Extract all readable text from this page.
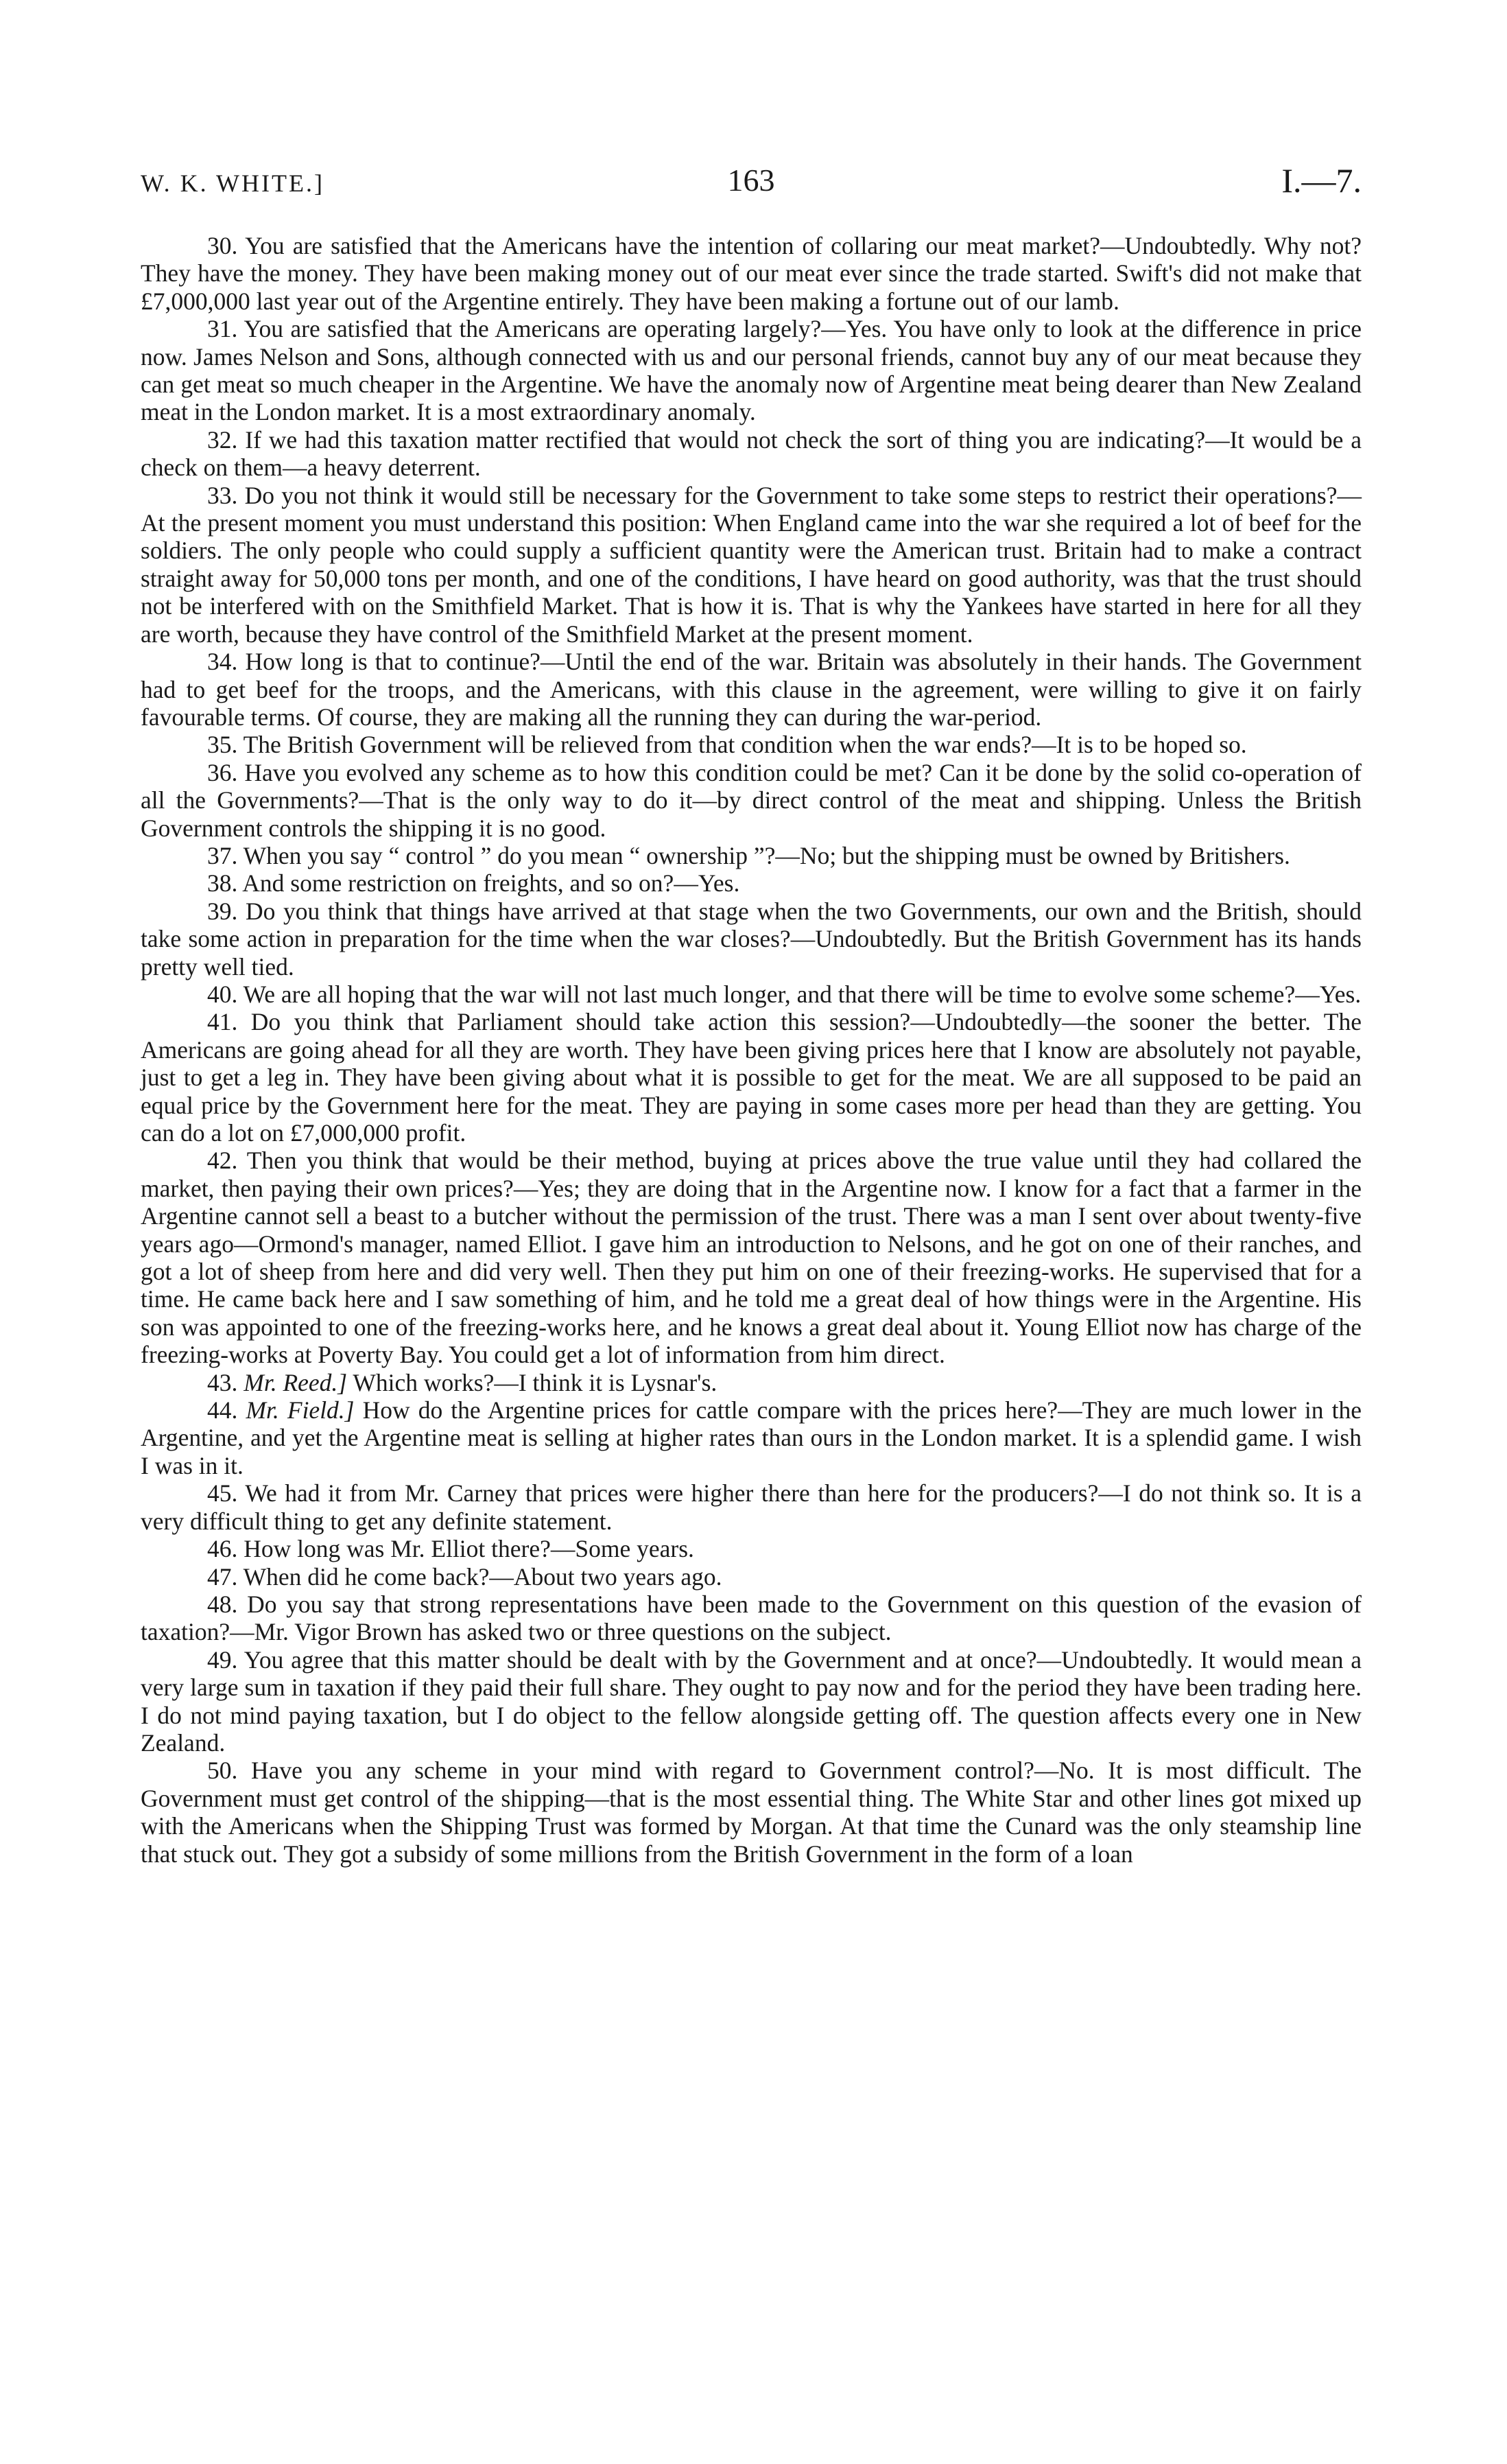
W. K. WHITE.]	163	I.—7.

30. You are satisfied that the Americans have the intention of collaring our meat market?—Undoubtedly. Why not? They have the money. They have been making money out of our meat ever since the trade started. Swift's did not make that £7,000,000 last year out of the Argentine entirely. They have been making a fortune out of our lamb.

31. You are satisfied that the Americans are operating largely?—Yes. You have only to look at the difference in price now. James Nelson and Sons, although connected with us and our personal friends, cannot buy any of our meat because they can get meat so much cheaper in the Argentine. We have the anomaly now of Argentine meat being dearer than New Zealand meat in the London market. It is a most extraordinary anomaly.

32. If we had this taxation matter rectified that would not check the sort of thing you are indicating?—It would be a check on them—a heavy deterrent.

33. Do you not think it would still be necessary for the Government to take some steps to restrict their operations?—At the present moment you must understand this position: When England came into the war she required a lot of beef for the soldiers. The only people who could supply a sufficient quantity were the American trust. Britain had to make a contract straight away for 50,000 tons per month, and one of the conditions, I have heard on good authority, was that the trust should not be interfered with on the Smithfield Market. That is how it is. That is why the Yankees have started in here for all they are worth, because they have control of the Smithfield Market at the present moment.

34. How long is that to continue?—Until the end of the war. Britain was absolutely in their hands. The Government had to get beef for the troops, and the Americans, with this clause in the agreement, were willing to give it on fairly favourable terms. Of course, they are making all the running they can during the war-period.

35. The British Government will be relieved from that condition when the war ends?—It is to be hoped so.

36. Have you evolved any scheme as to how this condition could be met? Can it be done by the solid co-operation of all the Governments?—That is the only way to do it—by direct control of the meat and shipping. Unless the British Government controls the shipping it is no good.

37. When you say “ control ” do you mean “ ownership ”?—No; but the shipping must be owned by Britishers.

38. And some restriction on freights, and so on?—Yes.

39. Do you think that things have arrived at that stage when the two Governments, our own and the British, should take some action in preparation for the time when the war closes?—Undoubtedly. But the British Government has its hands pretty well tied.

40. We are all hoping that the war will not last much longer, and that there will be time to evolve some scheme?—Yes.

41. Do you think that Parliament should take action this session?—Undoubtedly—the sooner the better. The Americans are going ahead for all they are worth. They have been giving prices here that I know are absolutely not payable, just to get a leg in. They have been giving about what it is possible to get for the meat. We are all supposed to be paid an equal price by the Government here for the meat. They are paying in some cases more per head than they are getting. You can do a lot on £7,000,000 profit.

42. Then you think that would be their method, buying at prices above the true value until they had collared the market, then paying their own prices?—Yes; they are doing that in the Argentine now. I know for a fact that a farmer in the Argentine cannot sell a beast to a butcher without the permission of the trust. There was a man I sent over about twenty-five years ago—Ormond's manager, named Elliot. I gave him an introduction to Nelsons, and he got on one of their ranches, and got a lot of sheep from here and did very well. Then they put him on one of their freezing-works. He supervised that for a time. He came back here and I saw something of him, and he told me a great deal of how things were in the Argentine. His son was appointed to one of the freezing-works here, and he knows a great deal about it. Young Elliot now has charge of the freezing-works at Poverty Bay. You could get a lot of information from him direct.

43. Mr. Reed.] Which works?—I think it is Lysnar's.

44. Mr. Field.] How do the Argentine prices for cattle compare with the prices here?—They are much lower in the Argentine, and yet the Argentine meat is selling at higher rates than ours in the London market. It is a splendid game. I wish I was in it.

45. We had it from Mr. Carney that prices were higher there than here for the producers?—I do not think so. It is a very difficult thing to get any definite statement.

46. How long was Mr. Elliot there?—Some years.

47. When did he come back?—About two years ago.

48. Do you say that strong representations have been made to the Government on this question of the evasion of taxation?—Mr. Vigor Brown has asked two or three questions on the subject.

49. You agree that this matter should be dealt with by the Government and at once?—Undoubtedly. It would mean a very large sum in taxation if they paid their full share. They ought to pay now and for the period they have been trading here. I do not mind paying taxation, but I do object to the fellow alongside getting off. The question affects every one in New Zealand.

50. Have you any scheme in your mind with regard to Government control?—No. It is most difficult. The Government must get control of the shipping—that is the most essential thing. The White Star and other lines got mixed up with the Americans when the Shipping Trust was formed by Morgan. At that time the Cunard was the only steamship line that stuck out. They got a subsidy of some millions from the British Government in the form of a loan
